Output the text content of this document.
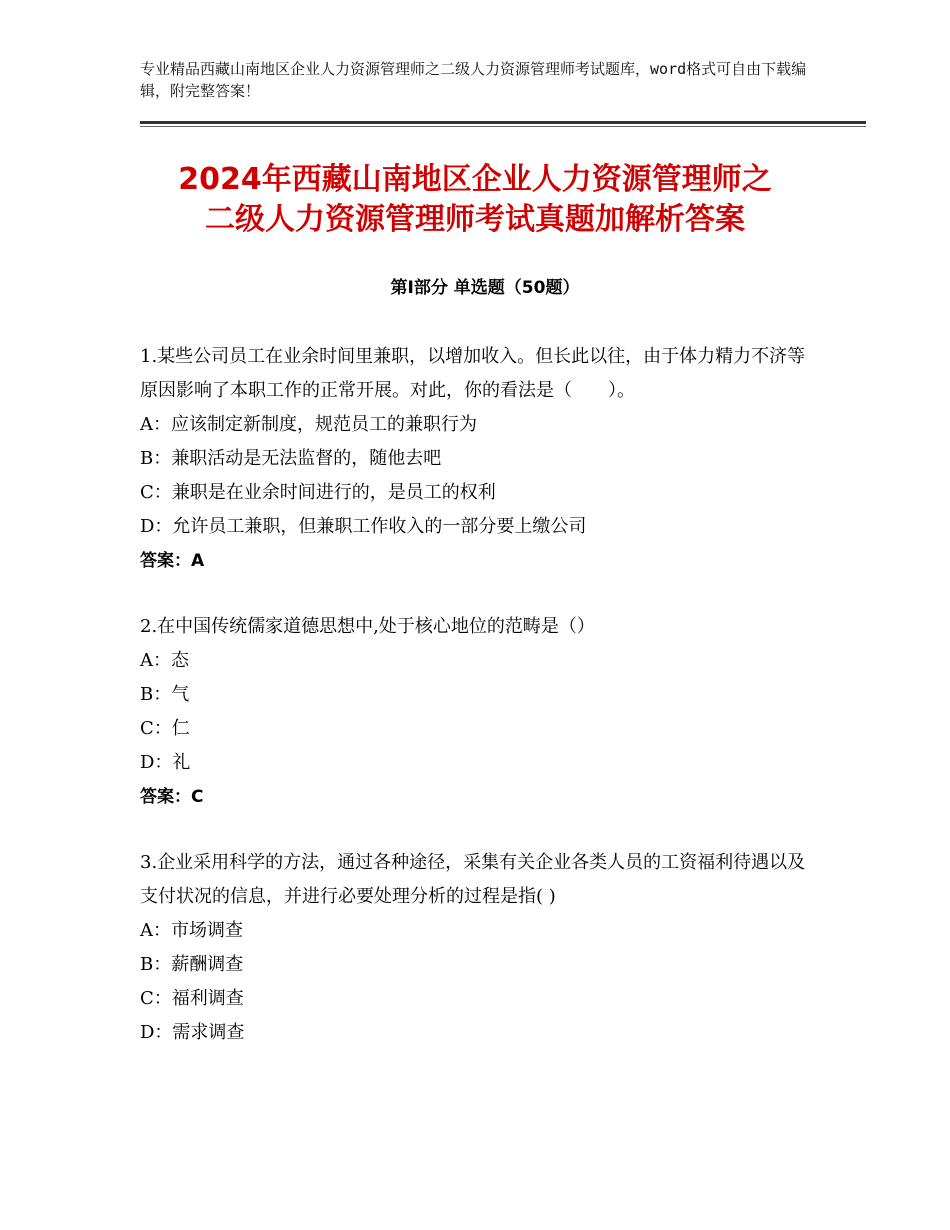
专业精品西藏山南地区企业人力资源管理师之二级人力资源管理师考试题库，word格式可自由下载编辑，附完整答案！
2024年西藏山南地区企业人力资源管理师之
二级人力资源管理师考试真题加解析答案
第Ⅰ部分 单选题（50题）

1.某些公司员工在业余时间里兼职，以增加收入。但长此以往，由于体力精力不济等原因影响了本职工作的正常开展。对此，你的看法是（　　）。

A：应该制定新制度，规范员工的兼职行为

B：兼职活动是无法监督的，随他去吧

C：兼职是在业余时间进行的，是员工的权利

D：允许员工兼职，但兼职工作收入的一部分要上缴公司

答案：A

2.在中国传统儒家道德思想中,处于核心地位的范畴是（）

A：态

B：气

C：仁

D：礼

答案：C

3.企业采用科学的方法，通过各种途径，采集有关企业各类人员的工资福利待遇以及支付状况的信息，并进行必要处理分析的过程是指( )

A：市场调查

B：薪酬调查

C：福利调查

D：需求调查
